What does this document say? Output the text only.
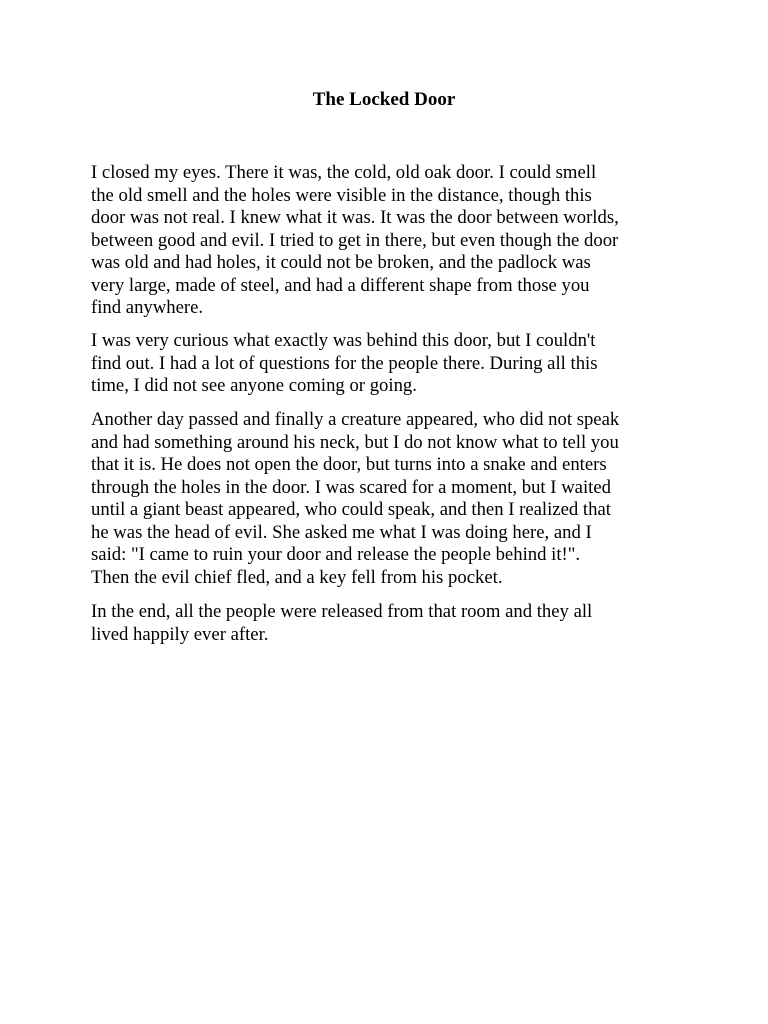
The Locked Door

I closed my eyes. There it was, the cold, old oak door. I could smell
the old smell and the holes were visible in the distance, though this
door was not real. I knew what it was. It was the door between worlds,
between good and evil. I tried to get in there, but even though the door
was old and had holes, it could not be broken, and the padlock was
very large, made of steel, and had a different shape from those you
find anywhere.

I was very curious what exactly was behind this door, but I couldn't
find out. I had a lot of questions for the people there. During all this
time, I did not see anyone coming or going.

Another day passed and finally a creature appeared, who did not speak
and had something around his neck, but I do not know what to tell you
that it is. He does not open the door, but turns into a snake and enters
through the holes in the door. I was scared for a moment, but I waited
until a giant beast appeared, who could speak, and then I realized that
he was the head of evil. She asked me what I was doing here, and I
said: "I came to ruin your door and release the people behind it!".
Then the evil chief fled, and a key fell from his pocket.

In the end, all the people were released from that room and they all
lived happily ever after.
